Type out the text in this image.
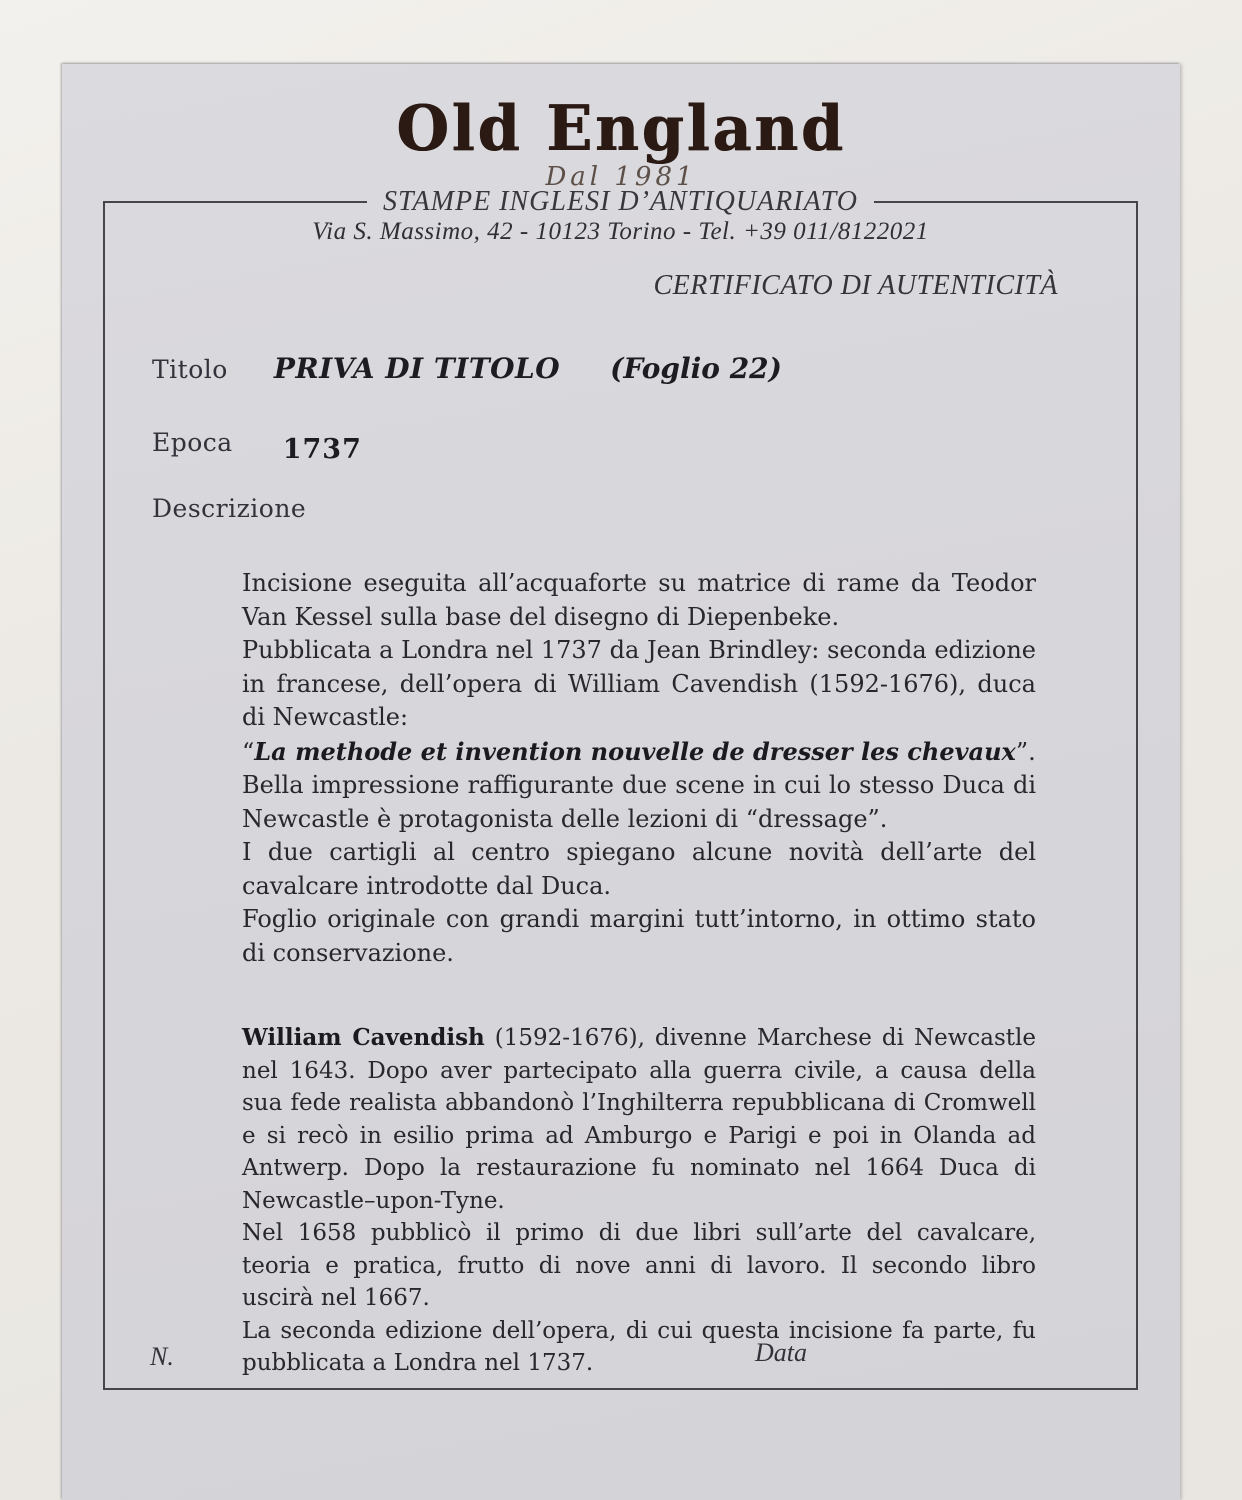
Old England
Dal 1981
STAMPE INGLESI D’ANTIQUARIATO
Via S. Massimo, 42 - 10123 Torino - Tel. +39 011/8122021
CERTIFICATO DI AUTENTICITÀ
Titolo PRIVA DI TITOLO (Foglio 22)
Epoca 1737
Descrizione

Incisione eseguita all’acquaforte su matrice di rame da Teodor Van Kessel sulla base del disegno di Diepenbeke.

Pubblicata a Londra nel 1737 da Jean Brindley: seconda edizione in francese, dell’opera di William Cavendish (1592-1676), duca di Newcastle:

“La methode et invention nouvelle de dresser les chevaux”.

Bella impressione raffigurante due scene in cui lo stesso Duca di Newcastle è protagonista delle lezioni di “dressage”.

I due cartigli al centro spiegano alcune novità dell’arte del cavalcare introdotte dal Duca.

Foglio originale con grandi margini tutt’intorno, in ottimo stato di conservazione.

William Cavendish (1592-1676), divenne Marchese di Newcastle nel 1643. Dopo aver partecipato alla guerra civile, a causa della sua fede realista abbandonò l’Inghilterra repubblicana di Cromwell e si recò in esilio prima ad Amburgo e Parigi e poi in Olanda ad Antwerp. Dopo la restaurazione fu nominato nel 1664 Duca di Newcastle–upon-Tyne.

Nel 1658 pubblicò il primo di due libri sull’arte del cavalcare, teoria e pratica, frutto di nove anni di lavoro. Il secondo libro uscirà nel 1667.

La seconda edizione dell’opera, di cui questa incisione fa parte, fu pubblicata a Londra nel 1737.

N.	Data
